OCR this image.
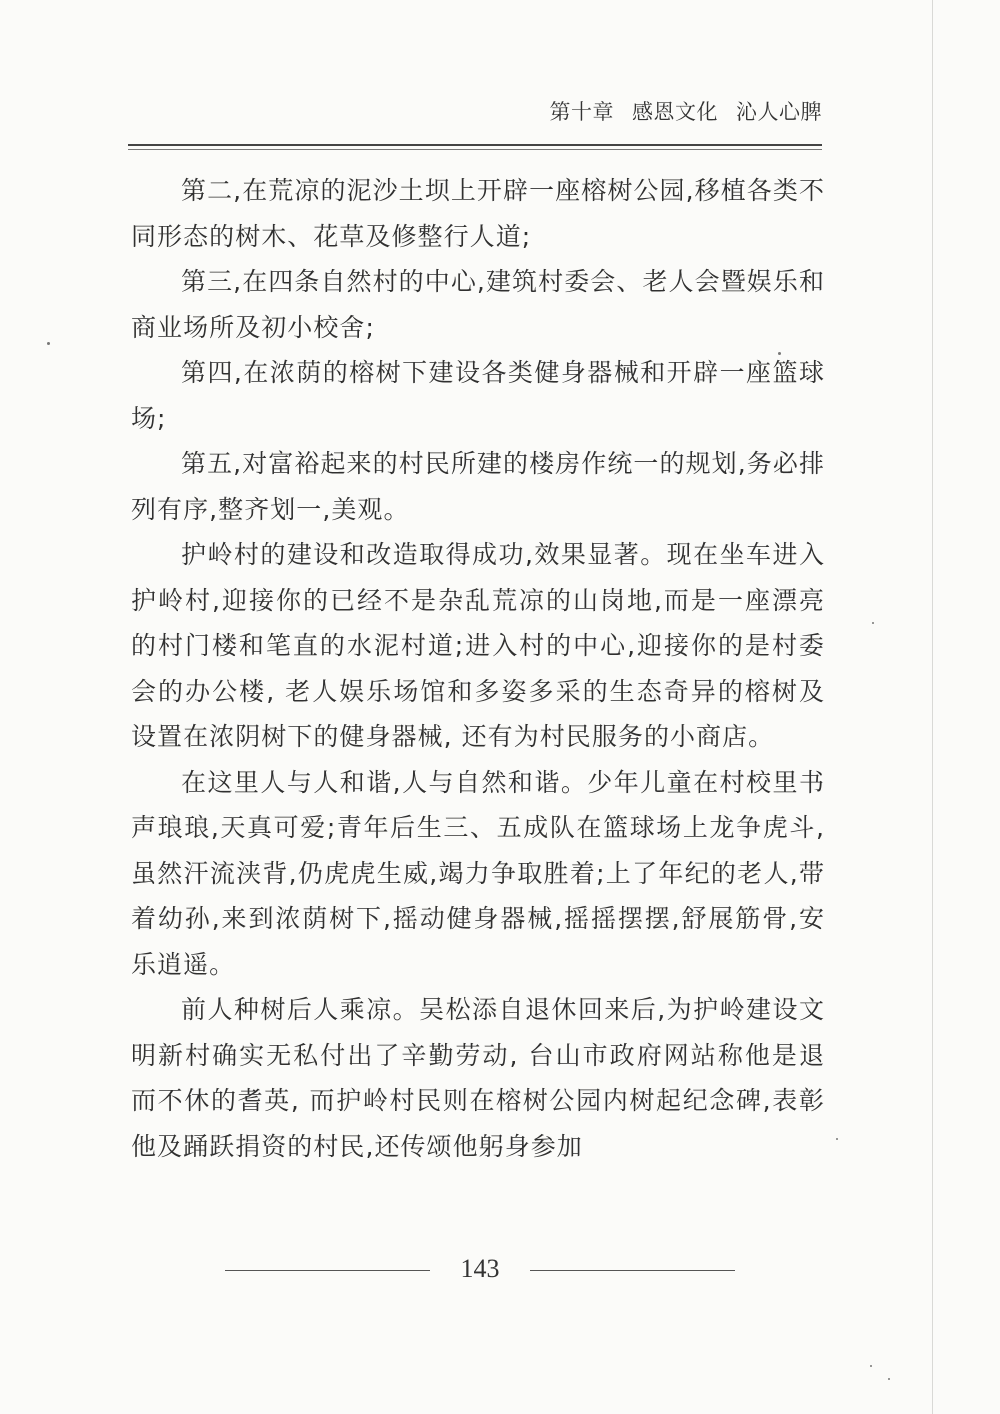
第十章 感恩文化 沁人心脾

第二,在荒凉的泥沙土坝上开辟一座榕树公园,移植各类不同形态的树木、花草及修整行人道;

第三,在四条自然村的中心,建筑村委会、老人会暨娱乐和商业场所及初小校舍;

第四,在浓荫的榕树下建设各类健身器械和开辟一座篮球场;

第五,对富裕起来的村民所建的楼房作统一的规划,务必排列有序,整齐划一,美观。

护岭村的建设和改造取得成功,效果显著。现在坐车进入护岭村,迎接你的已经不是杂乱荒凉的山岗地,而是一座漂亮的村门楼和笔直的水泥村道;进入村的中心,迎接你的是村委会的办公楼, 老人娱乐场馆和多姿多采的生态奇异的榕树及设置在浓阴树下的健身器械, 还有为村民服务的小商店。

在这里人与人和谐,人与自然和谐。少年儿童在村校里书声琅琅,天真可爱;青年后生三、五成队在篮球场上龙争虎斗,虽然汗流浃背,仍虎虎生威,竭力争取胜着;上了年纪的老人,带着幼孙,来到浓荫树下,摇动健身器械,摇摇摆摆,舒展筋骨,安乐逍遥。

前人种树后人乘凉。吴松添自退休回来后,为护岭建设文明新村确实无私付出了辛勤劳动, 台山市政府网站称他是退而不休的耆英, 而护岭村民则在榕树公园内树起纪念碑,表彰他及踊跃捐资的村民,还传颂他躬身参加

143
